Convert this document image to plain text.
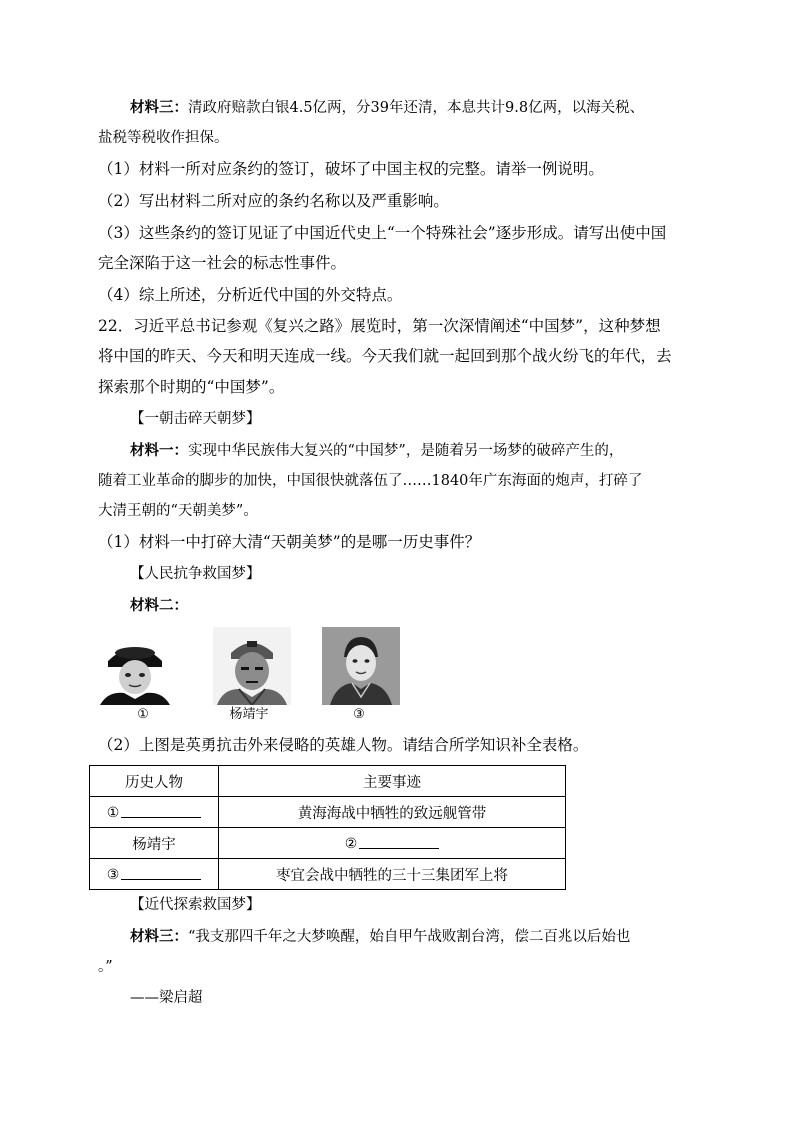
材料三：清政府赔款白银4.5亿两，分39年还清，本息共计9.8亿两，以海关税、
盐税等税收作担保。
（1）材料一所对应条约的签订，破坏了中国主权的完整。请举一例说明。
（2）写出材料二所对应的条约名称以及严重影响。
（3）这些条约的签订见证了中国近代史上“一个特殊社会”逐步形成。请写出使中国
完全深陷于这一社会的标志性事件。
（4）综上所述，分析近代中国的外交特点。
22．习近平总书记参观《复兴之路》展览时，第一次深情阐述“中国梦”，这种梦想
将中国的昨天、今天和明天连成一线。今天我们就一起回到那个战火纷飞的年代，去
探索那个时期的“中国梦”。
【一朝击碎天朝梦】
材料一：实现中华民族伟大复兴的“中国梦”，是随着另一场梦的破碎产生的，
随着工业革命的脚步的加快，中国很快就落伍了……1840年广东海面的炮声，打碎了
大清王朝的“天朝美梦”。
（1）材料一中打碎大清“天朝美梦”的是哪一历史事件？
【人民抗争救国梦】
材料二：
①	杨靖宇	③
（2）上图是英勇抗击外来侵略的英雄人物。请结合所学知识补全表格。
历史人物	主要事迹
①	黄海海战中牺牲的致远舰管带
杨靖宇	②
③	枣宜会战中牺牲的三十三集团军上将
【近代探索救国梦】
材料三：“我支那四千年之大梦唤醒，始自甲午战败割台湾，偿二百兆以后始也
。”
——梁启超
